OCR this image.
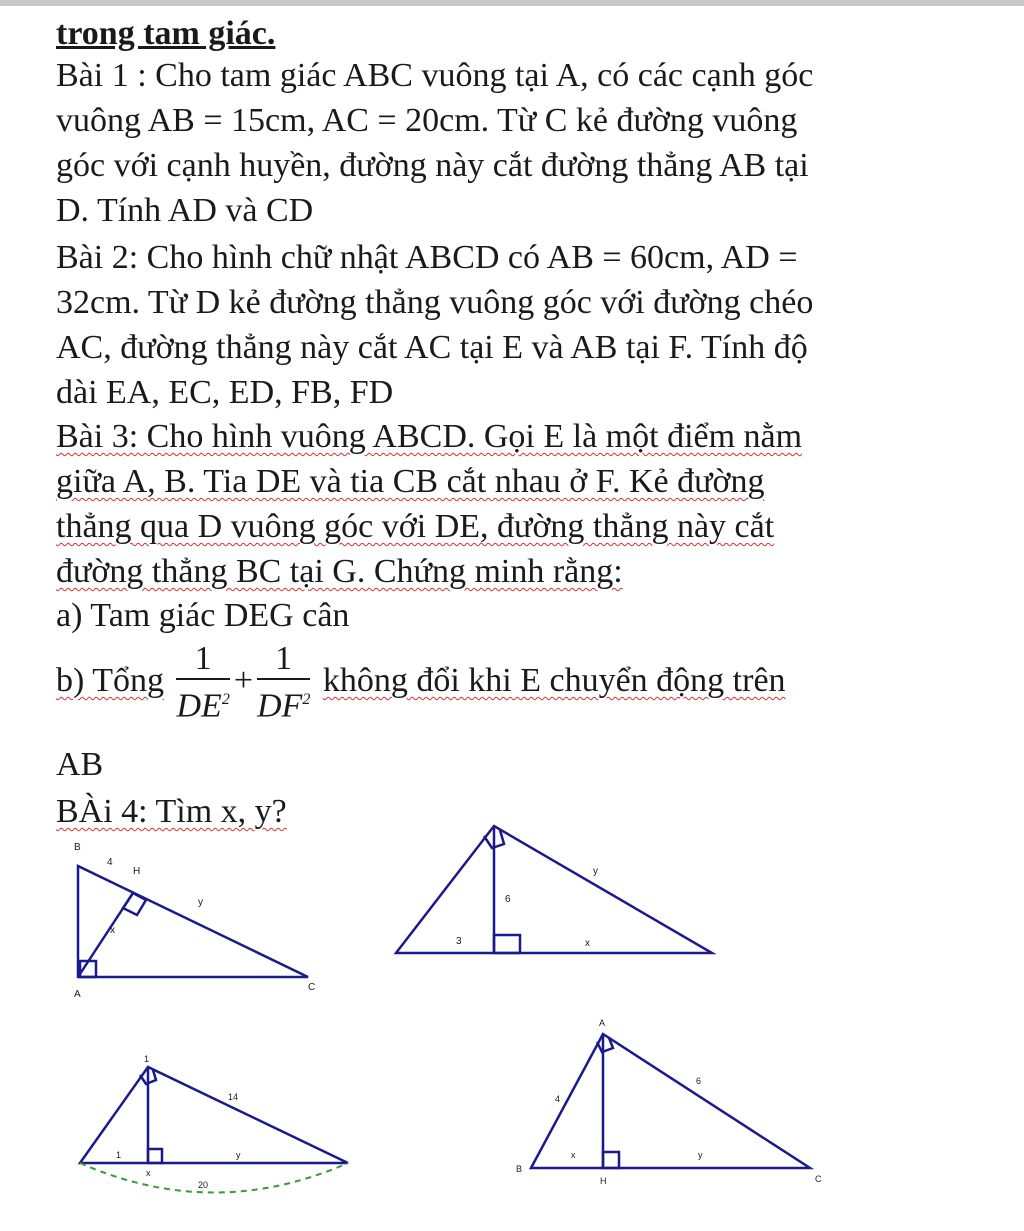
trong tam giác.
Bài 1 : Cho tam giác ABC vuông tại A, có các cạnh góc
vuông AB = 15cm, AC = 20cm. Từ C kẻ đường vuông
góc với cạnh huyền, đường này cắt đường thẳng AB tại
D. Tính AD và CD
Bài 2: Cho hình chữ nhật ABCD có AB = 60cm, AD =
32cm. Từ D kẻ đường thẳng vuông góc với đường chéo
AC, đường thẳng này cắt AC tại E và AB tại F. Tính độ
dài EA, EC, ED, FB, FD
Bài 3: Cho hình vuông ABCD. Gọi E là một điểm nằm
giữa A, B. Tia DE và tia CB cắt nhau ở F. Kẻ đường
thẳng qua D vuông góc với DE, đường thẳng này cắt
đường thẳng BC tại G. Chứng minh rằng:
a) Tam giác DEG cân
b) Tổng $\frac{1}{DE^2} + \frac{1}{DF^2}$ không đổi khi E chuyển động trên
AB
BÀi 4: Tìm x, y?
B
H
A
C
4
y
x
6
y
3	x
1
14
1
x
y
20
A
B
C
H
4
6
x	y
